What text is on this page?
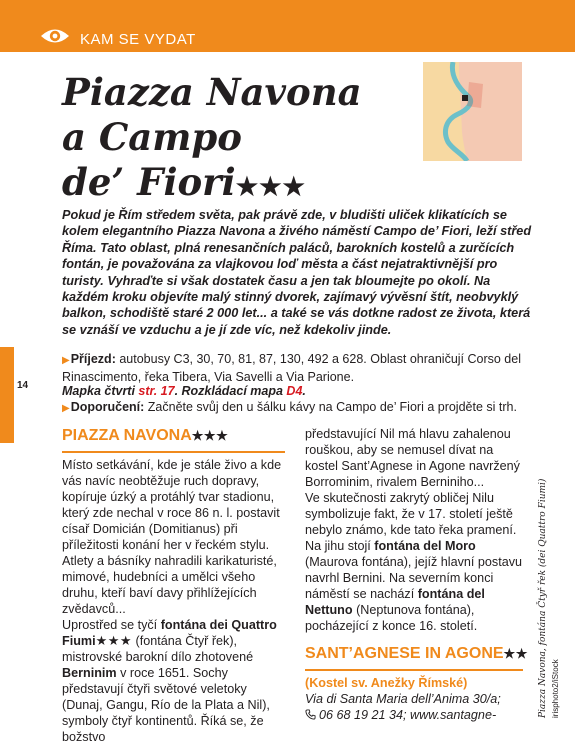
KAM SE VYDAT
Piazza Navona
a Campo
de’ Fiori★★★

Pokud je Řím středem světa, pak právě zde, v bludišti uliček klikatících se kolem elegantního Piazza Navona a živého náměstí Campo de’ Fiori, leží střed Říma. Tato oblast, plná renesančních paláců, barokních kostelů a zurčících fontán, je považována za vlajkovou loď města a část nejatraktivnější pro turisty. Vyhraďte si však dostatek času a jen tak bloumejte po okolí. Na každém kroku objevíte malý stinný dvorek, zajímavý vývěsní štít, neobvyklý balkon, schodiště staré 2 000 let... a také se vás dotkne radost ze života, která se vznáší ve vzduchu a je jí zde víc, než kdekoliv jinde.

14
▶Příjezd: autobusy C3, 30, 70, 81, 87, 130, 492 a 628. Oblast ohraničují Corso del Rinascimento, řeka Tibera, Via Savelli a Via Parione.
Mapka čtvrti str. 17. Rozkládací mapa D4.
▶Doporučení: Začněte svůj den u šálku kávy na Campo de’ Fiori a projděte si trh.
PIAZZA NAVONA★★★

Místo setkávání, kde je stále živo a kde vás navíc neobtěžuje ruch dopravy, kopíruje úzký a protáhlý tvar stadionu, který zde nechal v roce 86 n. l. postavit císař Domicián (Domitianus) při příležitosti konání her v řeckém stylu. Atlety a básníky nahradili karikaturisté, mimové, hudebníci a umělci všeho druhu, kteří baví davy přihlížejících zvědavců...

Uprostřed se tyčí fontána dei Quattro Fiumi★★★ (fontána Čtyř řek), mistrovské barokní dílo zhotovené Berninim v roce 1651. Sochy představují čtyři světové veletoky (Dunaj, Gangu, Río de la Plata a Nil), symboly čtyř kontinentů. Říká se, že božstvo

představující Nil má hlavu zahalenou rouškou, aby se nemusel dívat na kostel Sant’Agnese in Agone navržený Borrominim, rivalem Berniniho...

Ve skutečnosti zakrytý obličej Nilu symbolizuje fakt, že v 17. století ještě nebylo známo, kde tato řeka pramení. Na jihu stojí fontána del Moro (Maurova fontána), jejíž hlavní postavu navrhl Bernini. Na severním konci náměstí se nachází fontána del Nettuno (Neptunova fontána), pocházející z konce 16. století.

SANT’AGNESE IN AGONE★★
(Kostel sv. Anežky Římské)
Via di Santa Maria dell’Anima 30/a;
06 68 19 21 34; www.santagne-	Piazza Navona, fontána Čtyř řek (dei Quattro Fiumi) irisphoto2/iStock
